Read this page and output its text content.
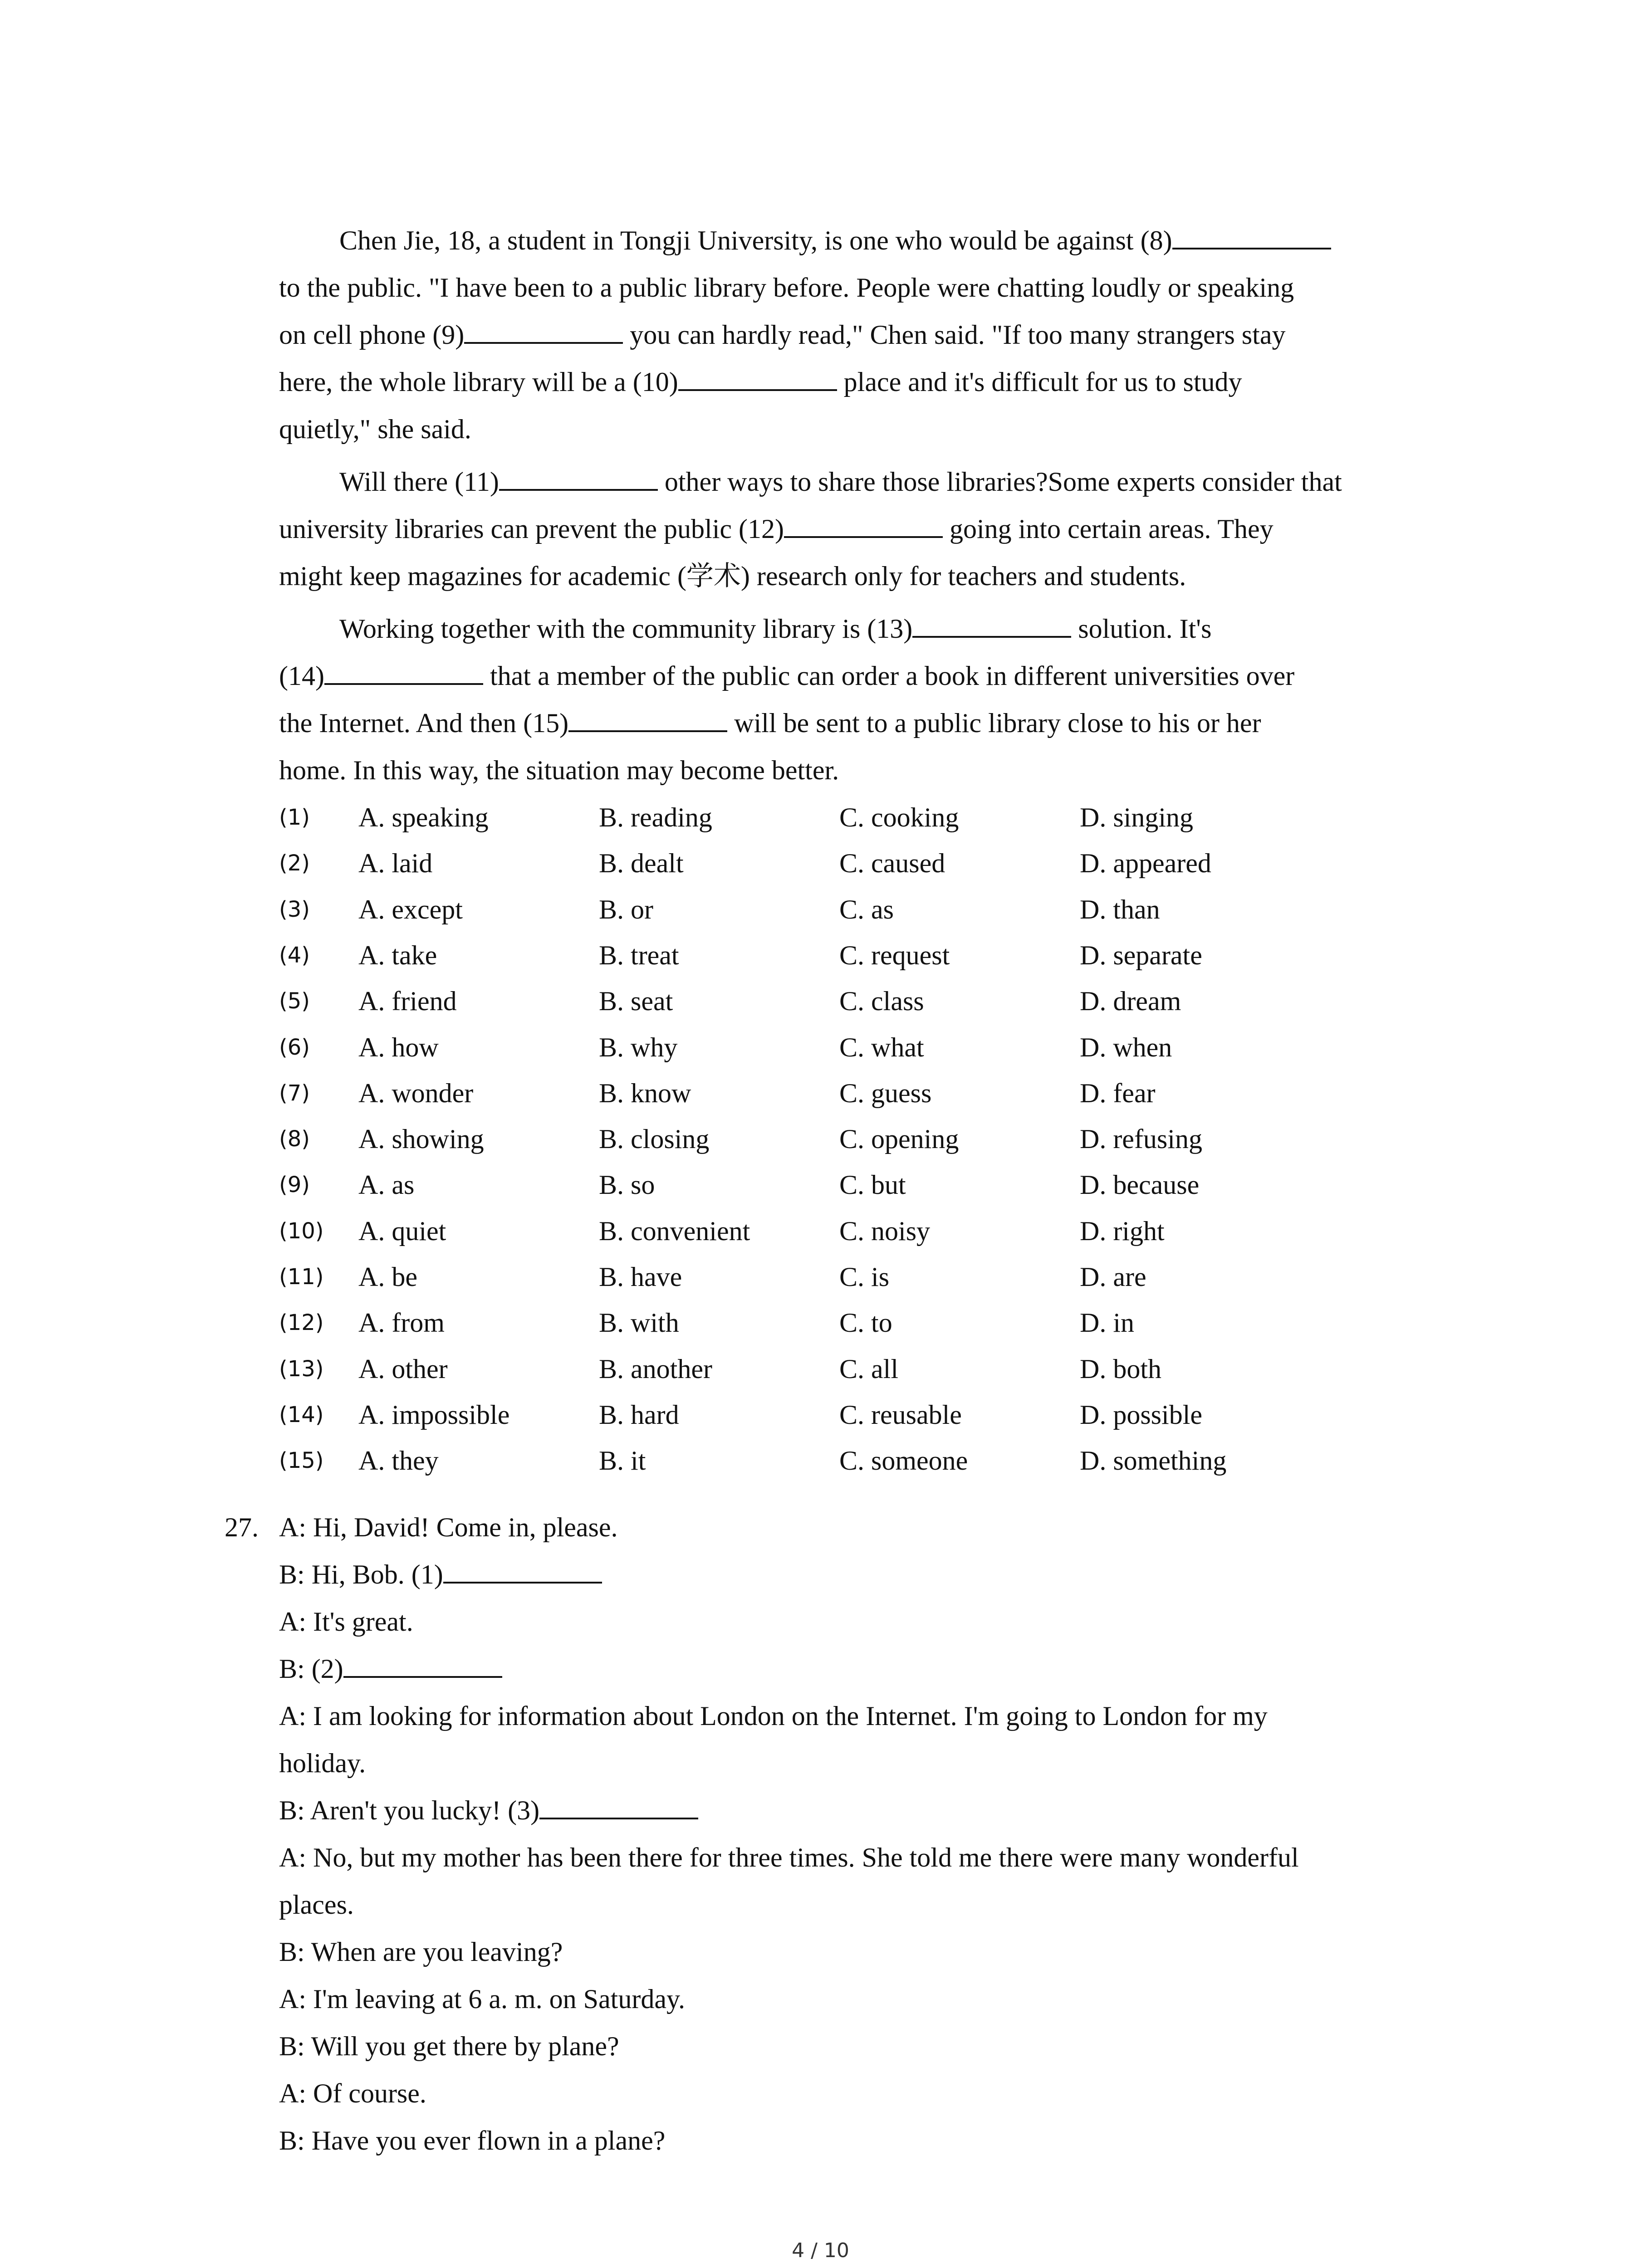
Chen Jie, 18, a student in Tongji University, is one who would be against (8)
to the public. "I have been to a public library before. People were chatting loudly or speaking
on cell phone (9)	you can hardly read," Chen said. "If too many strangers stay
here, the whole library will be a (10)	place and it's difficult for us to study
quietly," she said.
Will there (11)	other ways to share those libraries?Some experts consider that
university libraries can prevent the public (12)	going into certain areas. They
might keep magazines for academic (学术) research only for teachers and students.
Working together with the community library is (13)	solution. It's
(14)	that a member of the public can order a book in different universities over
the Internet. And then (15)	will be sent to a public library close to his or her
home. In this way, the situation may become better.
(1) A. speaking	B. reading	C. cooking	D. singing
(2) A. laid	B. dealt	C. caused	D. appeared
(3) A. except	B. or	C. as	D. than
(4) A. take	B. treat	C. request	D. separate
(5) A. friend	B. seat	C. class	D. dream
(6) A. how	B. why	C. what	D. when
(7) A. wonder	B. know	C. guess	D. fear
(8) A. showing	B. closing	C. opening	D. refusing
(9) A. as	B. so	C. but	D. because
(10) A. quiet	B. convenient	C. noisy	D. right
(11) A. be	B. have	C. is	D. are
(12) A. from	B. with	C. to	D. in
(13) A. other	B. another	C. all	D. both
(14) A. impossible	B. hard	C. reusable	D. possible
(15) A. they	B. it	C. someone	D. something
27. A: Hi, David! Come in, please.
B: Hi, Bob. (1)
A: It's great.
B: (2)
A: I am looking for information about London on the Internet. I'm going to London for my
holiday.
B: Aren't you lucky! (3)
A: No, but my mother has been there for three times. She told me there were many wonderful
places.
B: When are you leaving?
A: I'm leaving at 6 a. m. on Saturday.
B: Will you get there by plane?
A: Of course.
B: Have you ever flown in a plane?
4 / 10
